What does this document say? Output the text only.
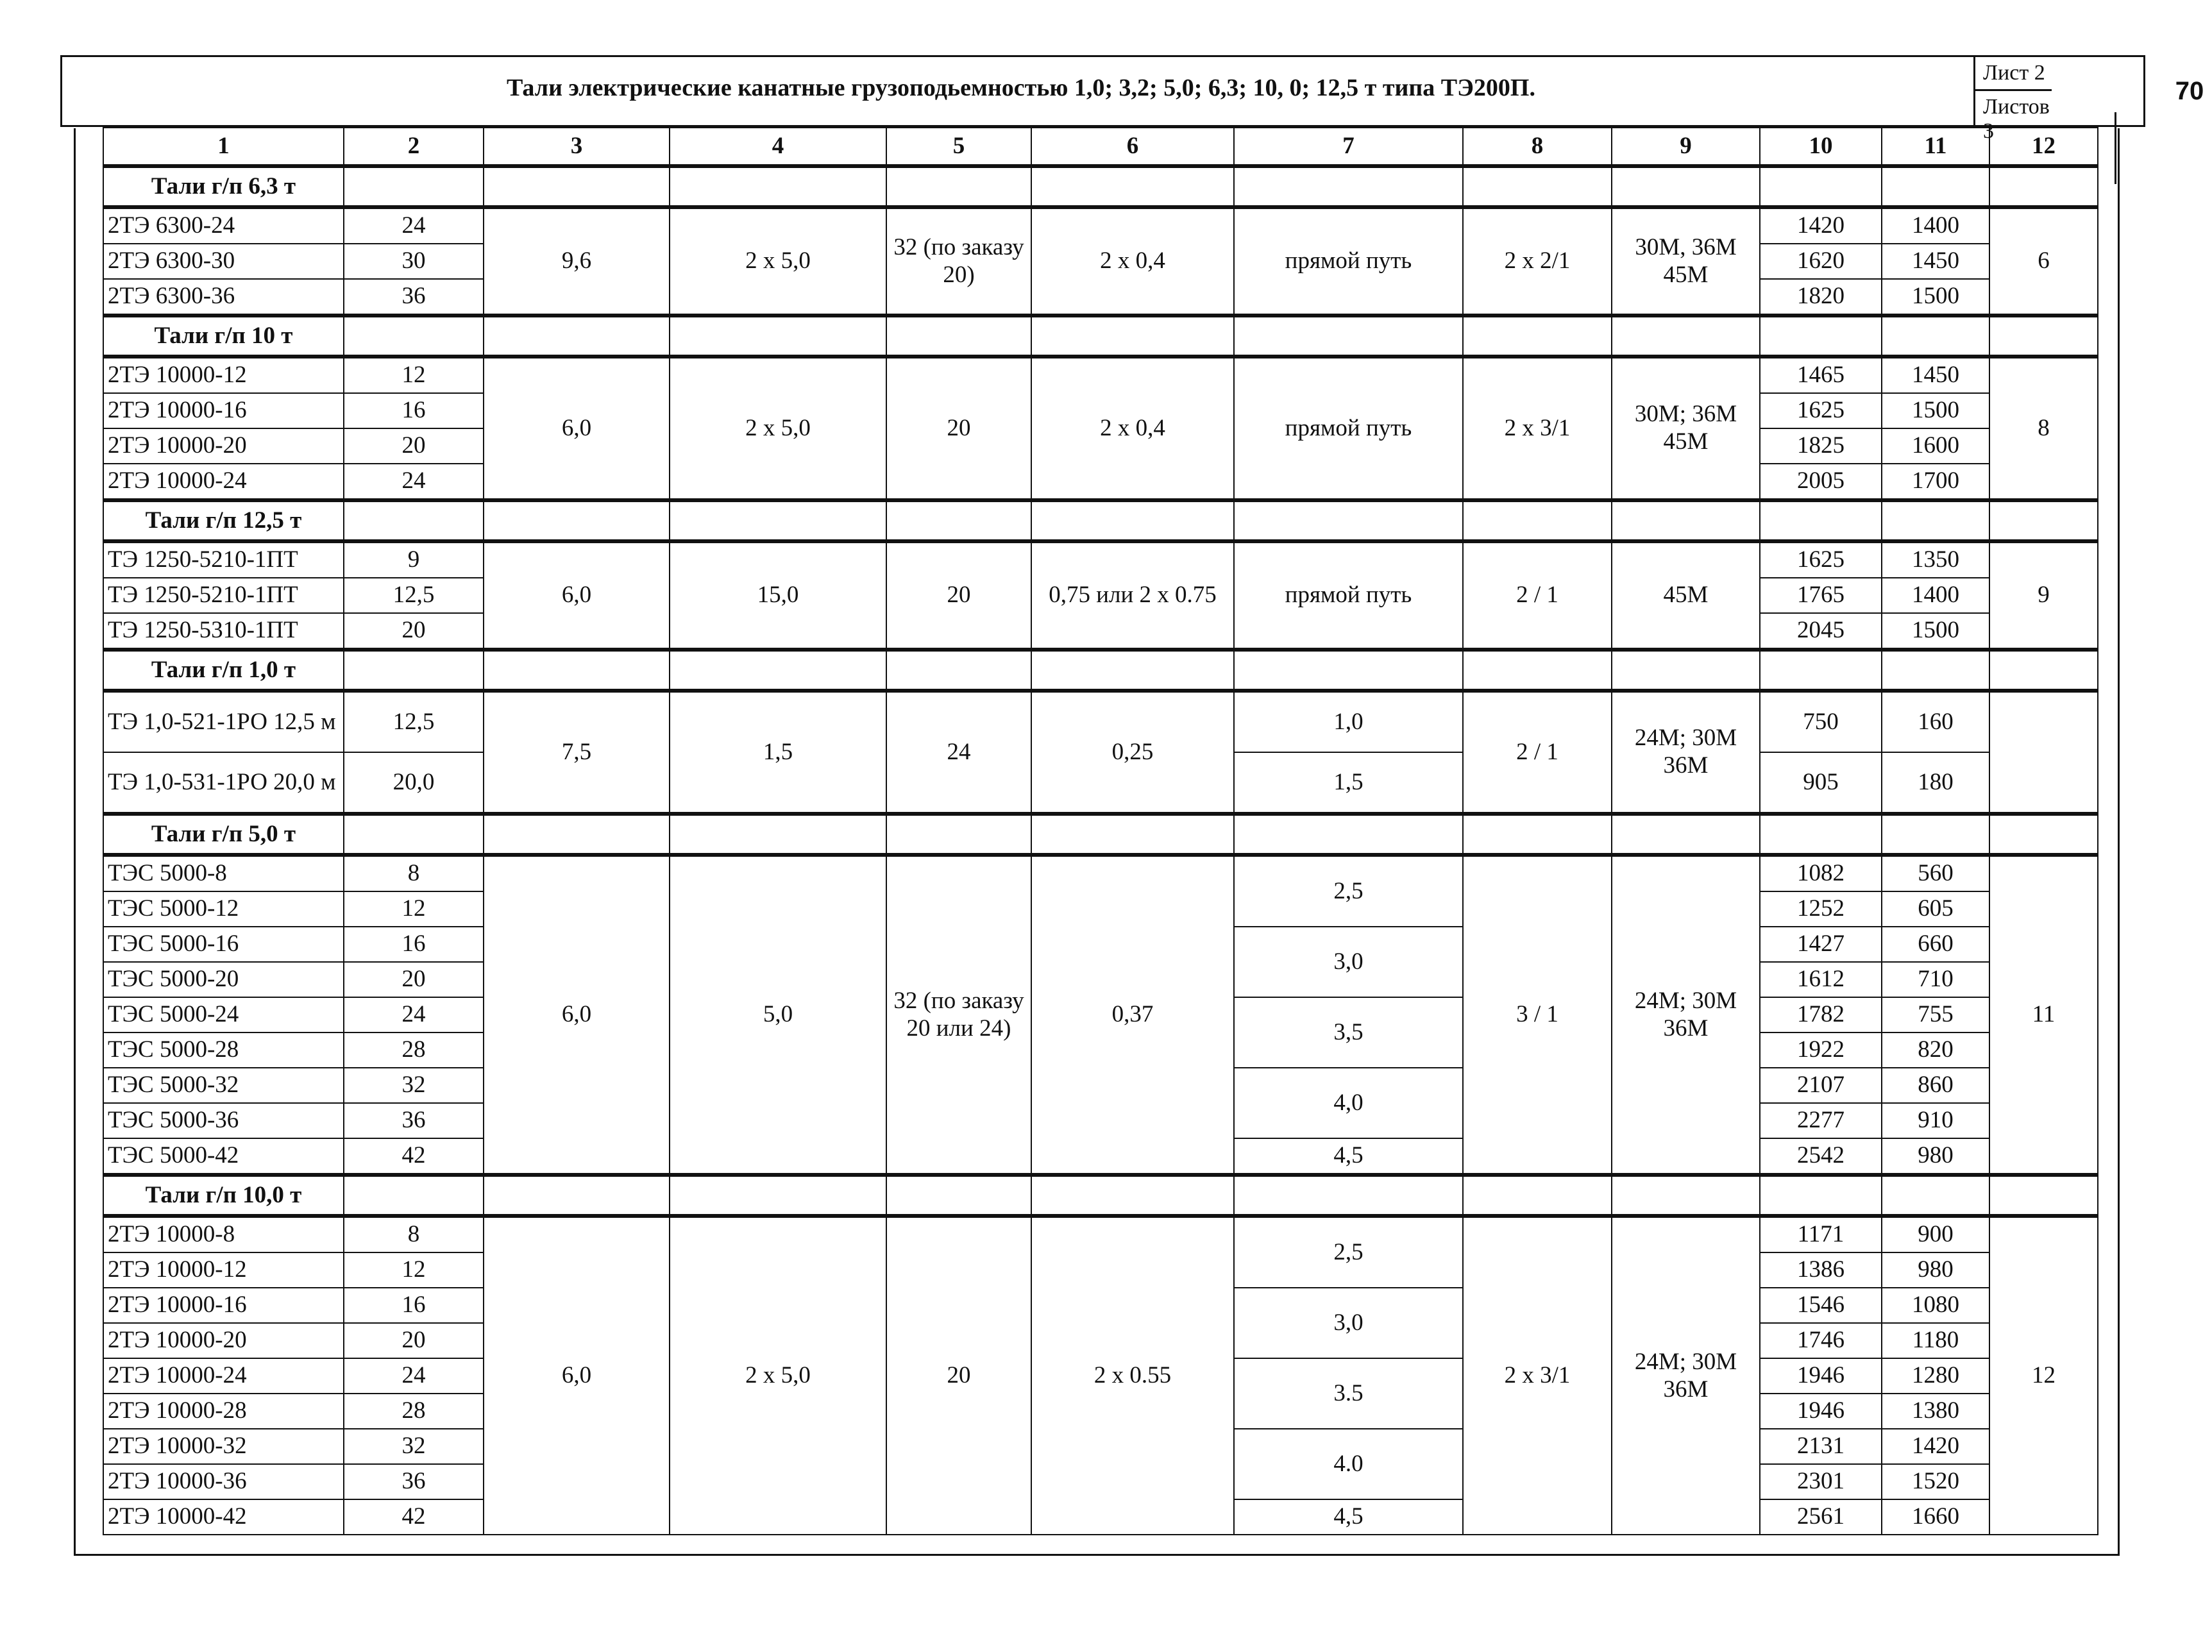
Тали электрические канатные грузоподьемностью 1,0; 3,2; 5,0; 6,3; 10, 0; 12,5 т типа ТЭ200П.
Лист 2
Листов 3
70
1	2	3	4	5	6	7	8	9	10	11	12
Тали г/п 6,3 т											
2ТЭ 6300-24	24	9,6	2 х 5,0	32 (по заказу 20)	2 х 0,4	прямой путь	2 х 2/1	30М, 36М 45М	1420	1400	6
2ТЭ 6300-30	30								1620	1450	
2ТЭ 6300-36	36								1820	1500	
Тали г/п 10 т											
2ТЭ 10000-12	12	6,0	2 х 5,0	20	2 х 0,4	прямой путь	2 х 3/1	30М; 36М 45М	1465	1450	8
2ТЭ 10000-16	16								1625	1500	
2ТЭ 10000-20	20								1825	1600	
2ТЭ 10000-24	24								2005	1700	
Тали г/п 12,5 т											
ТЭ 1250-5210-1ПТ	9	6,0	15,0	20	0,75 или 2 х 0.75	прямой путь	2 / 1	45М	1625	1350	9
ТЭ 1250-5210-1ПТ	12,5								1765	1400	
ТЭ 1250-5310-1ПТ	20								2045	1500	
Тали г/п 1,0 т											
ТЭ 1,0-521-1РО 12,5 м	12,5	7,5	1,5	24	0,25	1,0	2 / 1	24М; 30М 36М	750	160	
ТЭ 1,0-531-1РО 20,0 м	20,0					1,5			905	180	
Тали г/п 5,0 т											
ТЭС 5000-8	8	6,0	5,0	32 (по заказу 20 или 24)	0,37	2,5	3 / 1	24М; 30М 36М	1082	560	11
ТЭС 5000-12	12								1252	605	
ТЭС 5000-16	16					3,0			1427	660	
ТЭС 5000-20	20								1612	710	
ТЭС 5000-24	24					3,5			1782	755	
ТЭС 5000-28	28								1922	820	
ТЭС 5000-32	32					4,0			2107	860	
ТЭС 5000-36	36								2277	910	
ТЭС 5000-42	42					4,5			2542	980	
Тали г/п 10,0 т											
2ТЭ 10000-8	8	6,0	2 х 5,0	20	2 х 0.55	2,5	2 х 3/1	24М; 30М 36М	1171	900	12
2ТЭ 10000-12	12								1386	980	
2ТЭ 10000-16	16					3,0			1546	1080	
2ТЭ 10000-20	20								1746	1180	
2ТЭ 10000-24	24					3.5			1946	1280	
2ТЭ 10000-28	28								1946	1380	
2ТЭ 10000-32	32					4.0			2131	1420	
2ТЭ 10000-36	36								2301	1520	
2ТЭ 10000-42	42					4,5			2561	1660	
